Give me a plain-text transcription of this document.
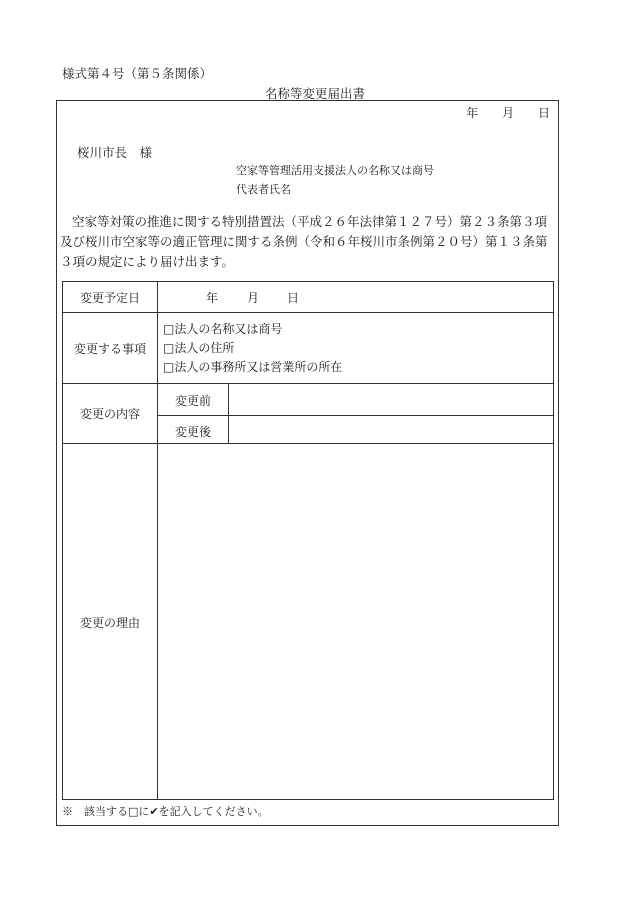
様式第４号（第５条関係）
名称等変更届出書
年 月 日
桜川市長　様
空家等管理活用支援法人の名称又は商号
代表者氏名
空家等対策の推進に関する特別措置法（平成２６年法律第１２７号）第２３条第３項及び桜川市空家等の適正管理に関する条例（令和６年桜川市条例第２０号）第１３条第３項の規定により届け出ます。
変更予定日	年 月 日
変更する事項
□法人の名称又は商号
□法人の住所
□法人の事務所又は営業所の所在
変更の内容
変更前
変更後
変更の理由
※　該当する□に✔を記入してください。
